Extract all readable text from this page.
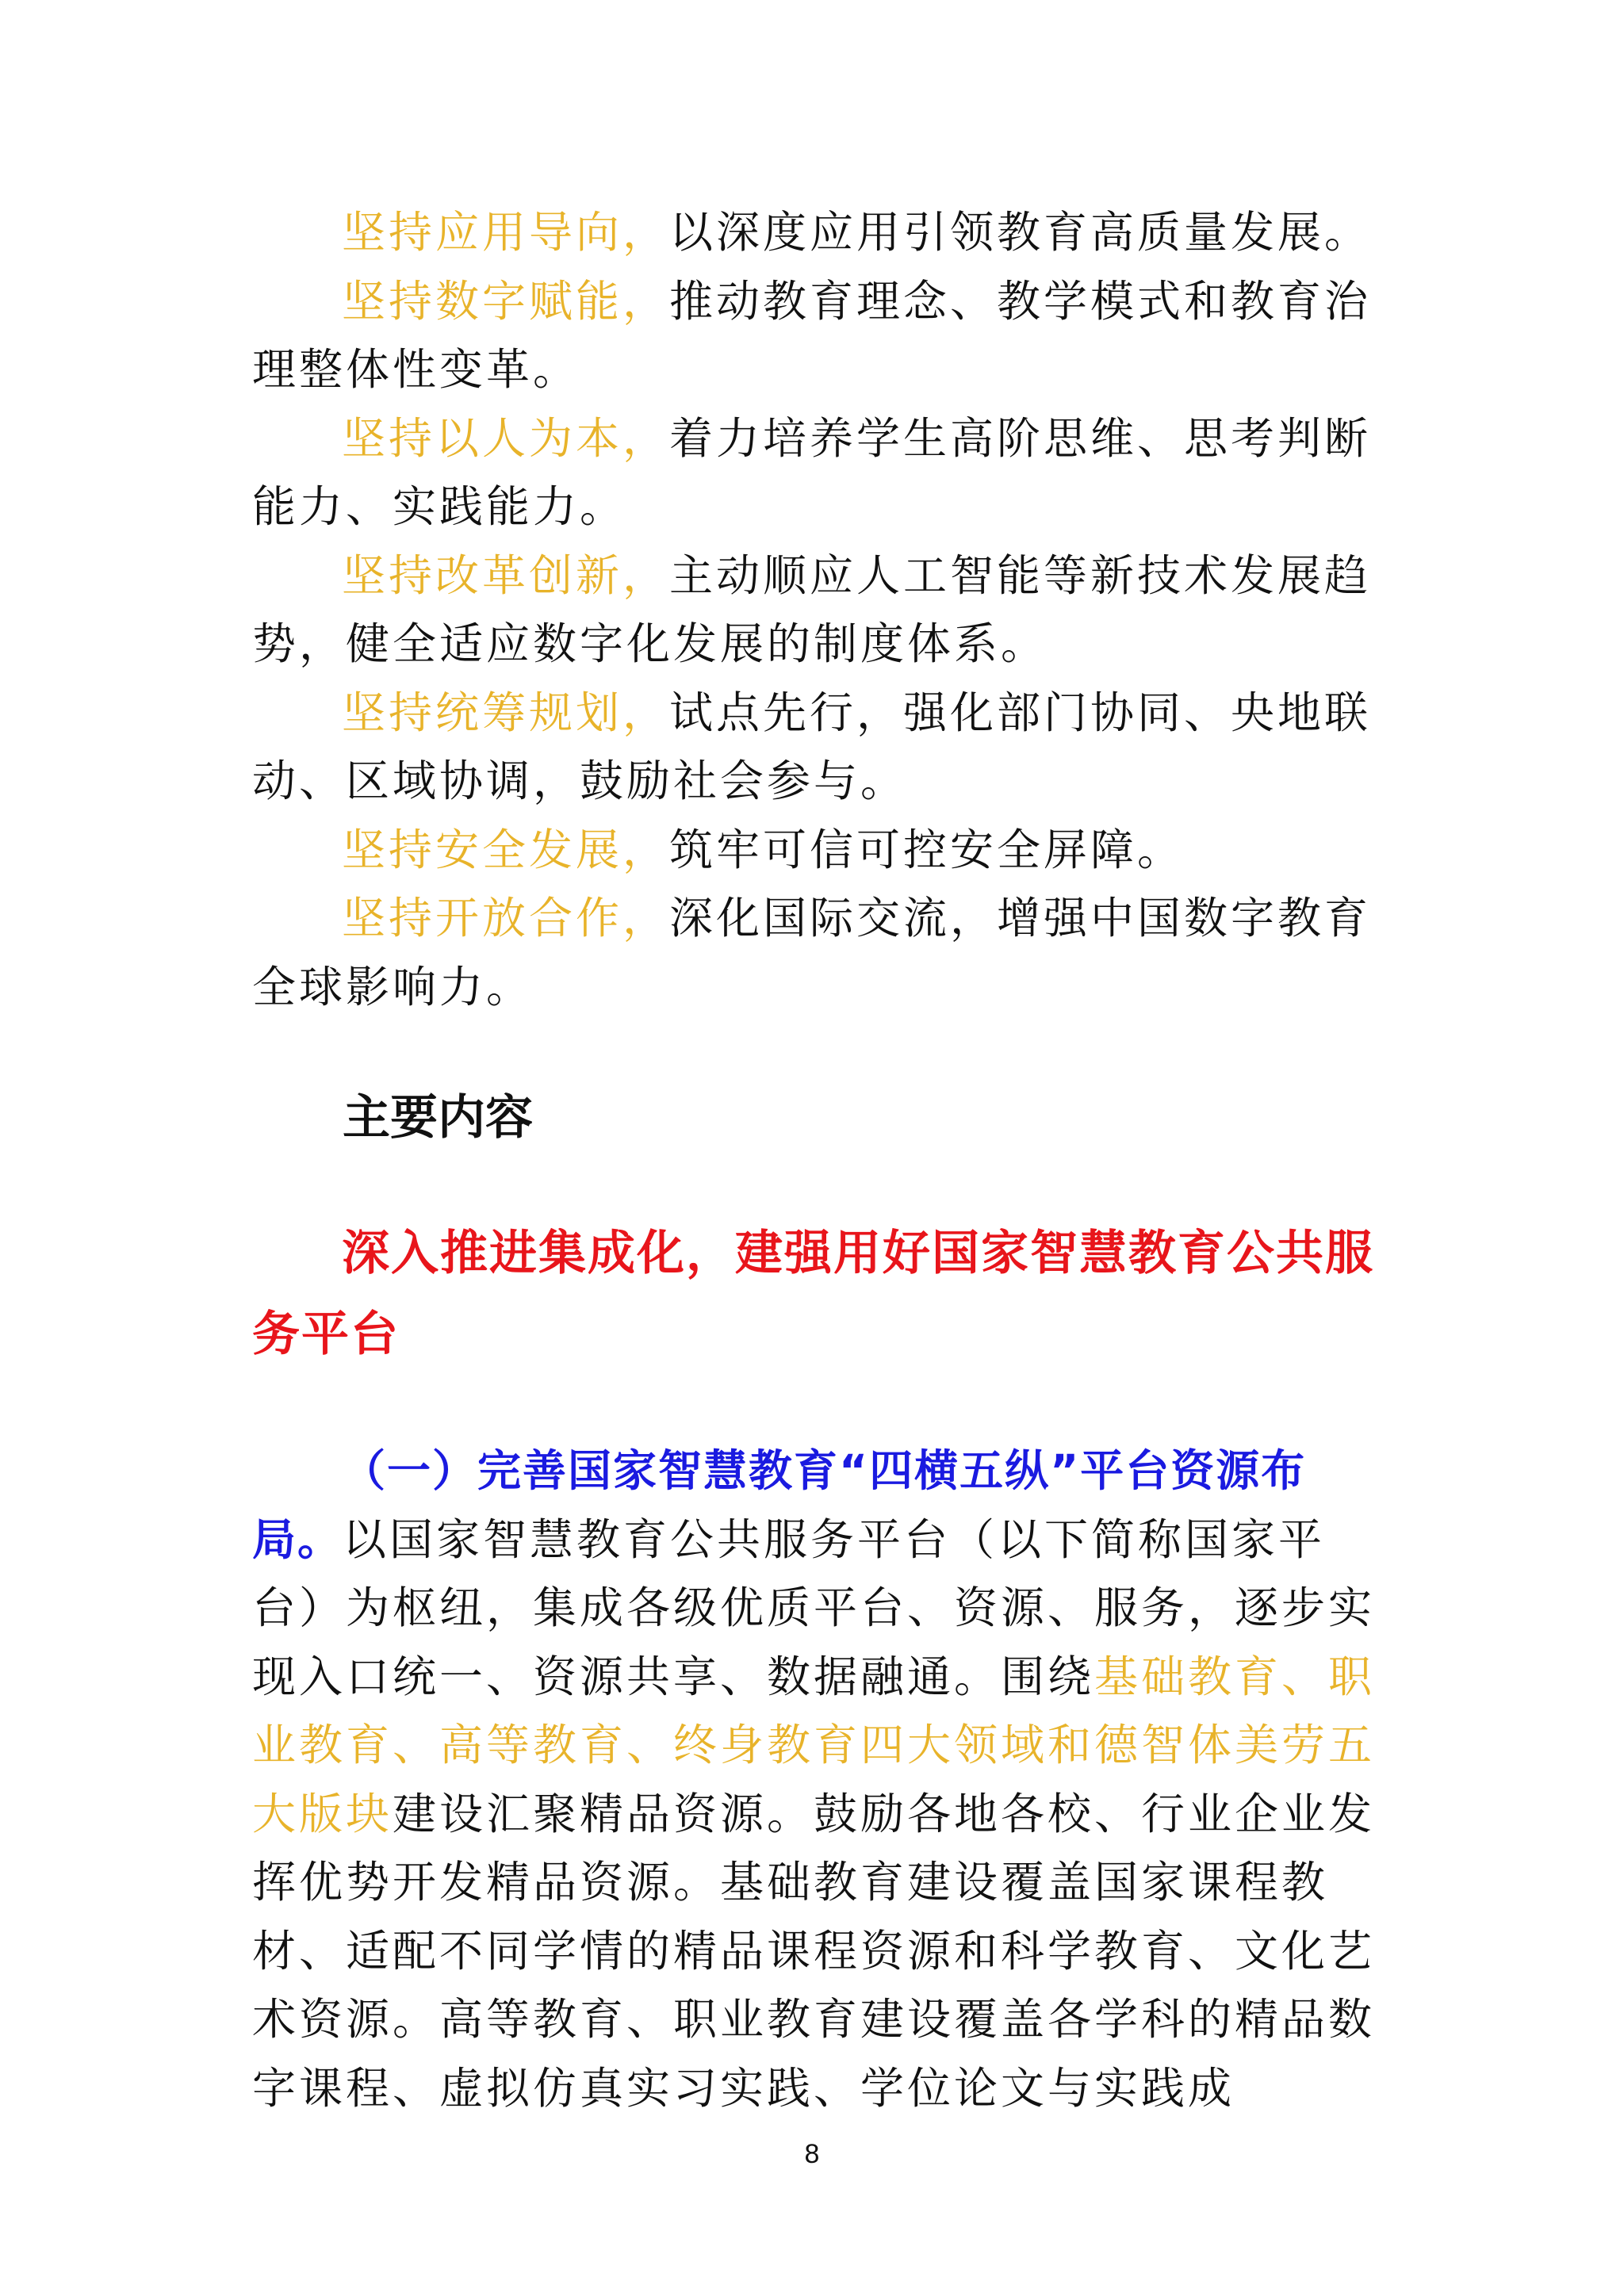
坚持应用导向，以深度应用引领教育高质量发展。

坚持数字赋能，推动教育理念、教学模式和教育治理整体性变革。

坚持以人为本，着力培养学生高阶思维、思考判断能力、实践能力。

坚持改革创新，主动顺应人工智能等新技术发展趋势，健全适应数字化发展的制度体系。

坚持统筹规划，试点先行，强化部门协同、央地联动、区域协调，鼓励社会参与。

坚持安全发展，筑牢可信可控安全屏障。

坚持开放合作，深化国际交流，增强中国数字教育全球影响力。

主要内容
深入推进集成化，建强用好国家智慧教育公共服务平台

（一）完善国家智慧教育“四横五纵”平台资源布局。以国家智慧教育公共服务平台（以下简称国家平台）为枢纽，集成各级优质平台、资源、服务，逐步实现入口统一、资源共享、数据融通。围绕基础教育、职业教育、高等教育、终身教育四大领域和德智体美劳五大版块建设汇聚精品资源。鼓励各地各校、行业企业发挥优势开发精品资源。基础教育建设覆盖国家课程教材、适配不同学情的精品课程资源和科学教育、文化艺术资源。高等教育、职业教育建设覆盖各学科的精品数字课程、虚拟仿真实习实践、学位论文与实践成

8
